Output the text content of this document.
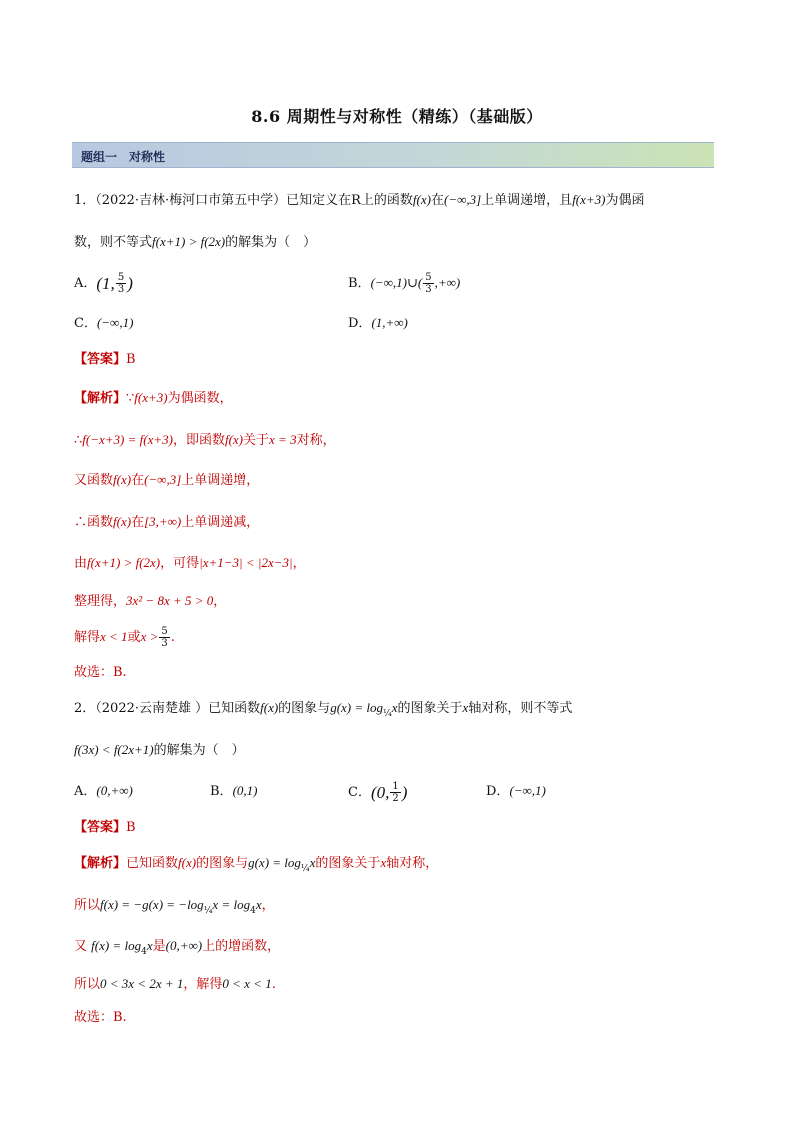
8.6 周期性与对称性（精练）（基础版）
题组一　对称性
1．（2022·吉林·梅河口市第五中学）已知定义在R上的函数f(x)在(−∞,3]上单调递增，且f(x+3)为偶函
数，则不等式f(x+1) > f(2x)的解集为（　）
A．(1, $\frac{5}{3}$ )	B．(−∞,1)∪( $\frac{5}{3}$ ,+∞)
C．(−∞,1)	D．(1,+∞)
【答案】B
【解析】∵f(x+3)为偶函数，
∴f(−x+3) = f(x+3)，即函数f(x)关于x = 3对称，
又函数f(x)在(−∞,3]上单调递增，
∴函数f(x)在[3,+∞)上单调递减，
由f(x+1) > f(2x)，可得|x+1−3| < |2x−3|，
整理得，3x² − 8x + 5 > 0，
解得x < 1或$x > \frac{5}{3}$ .
故选：B.
2．（2022·云南楚雄 ）已知函数f(x)的图象与$g(x) = \log_{\frac{1}{4}}x$的图象关于x轴对称，则不等式
f(3x) < f(2x+1)的解集为（　）
A．(0,+∞)	B．(0,1)	C．(0, $\frac{1}{2}$ )	D．(−∞,1)
【答案】B
【解析】已知函数f(x)的图象与$g(x) = \log_{\frac{1}{4}}x$的图象关于x轴对称，
所以$f(x) = -g(x) = -\log_{\frac{1}{4}}x = \log_4x$，
又 $f(x) = \log_4x$是(0,+∞)上的增函数，
所以0 < 3x < 2x + 1，解得0 < x < 1.
故选：B.
